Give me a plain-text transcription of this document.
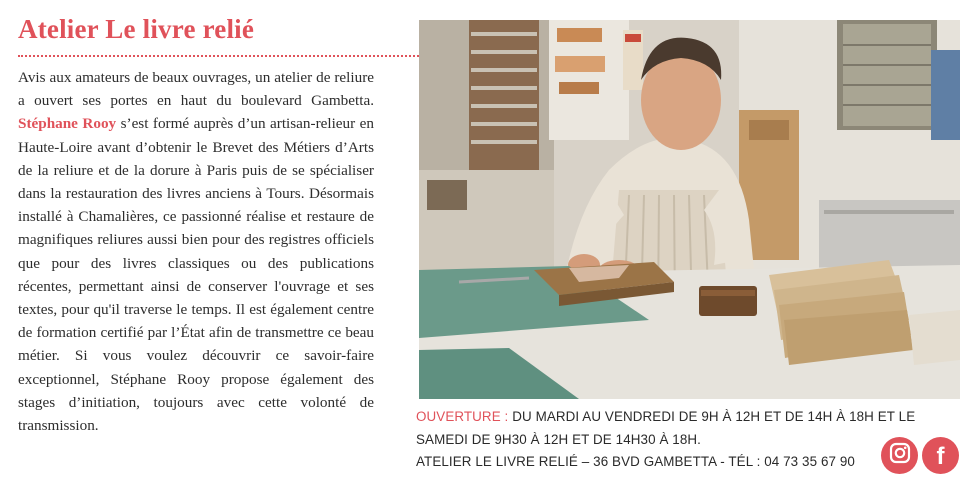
Atelier Le livre relié

Avis aux amateurs de beaux ouvrages, un atelier de reliure a ouvert ses portes en haut du boulevard Gambetta. Stéphane Rooy s’est formé auprès d’un artisan-relieur en Haute-Loire avant d’obtenir le Brevet des Métiers d’Arts de la reliure et de la dorure à Paris puis de se spécialiser dans la restauration des livres anciens à Tours. Désormais installé à Chamalières, ce passionné réalise et restaure de magnifiques reliures aussi bien pour des registres officiels que pour des livres classiques ou des publications récentes, permettant ainsi de conserver l'ouvrage et ses textes, pour qu'il traverse le temps. Il est également centre de formation certifié par l’État afin de transmettre ce beau métier. Si vous voulez découvrir ce savoir-faire exceptionnel, Stéphane Rooy propose également des stages d’initiation, toujours avec cette volonté de transmission.

OUVERTURE : DU MARDI AU VENDREDI DE 9H À 12H ET DE 14H À 18H ET LE SAMEDI DE 9H30 À 12H ET DE 14H30 À 18H.
ATELIER LE LIVRE RELIÉ – 36 BVD GAMBETTA - TÉL : 04 73 35 67 90	f
